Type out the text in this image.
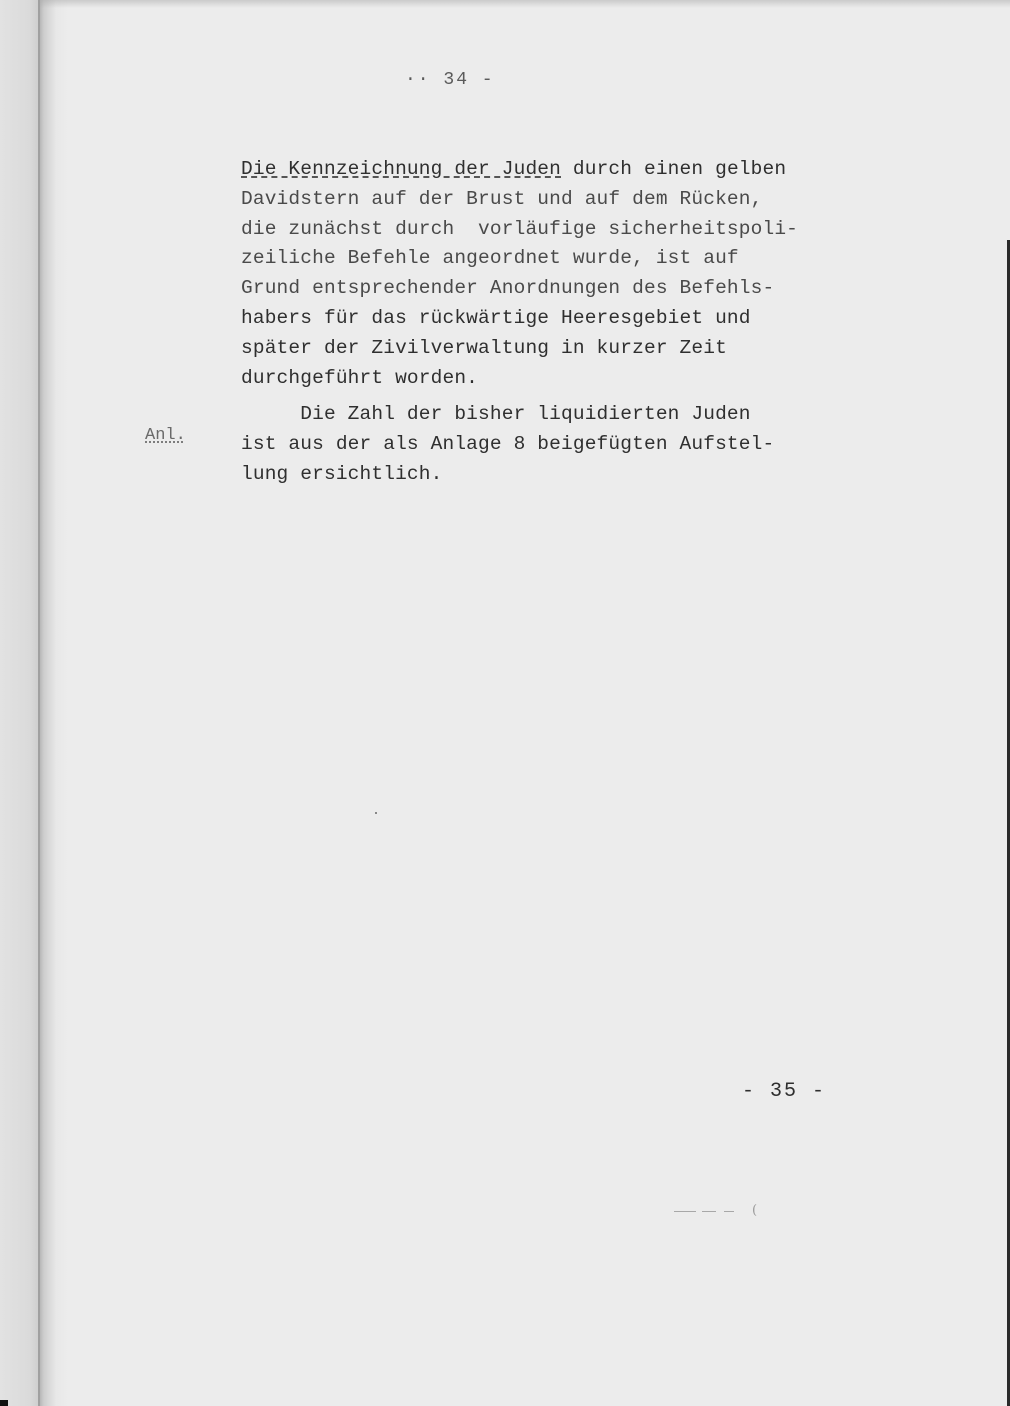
·· 34 -
Die Kennzeichnung der Juden durch einen gelben
Davidstern auf der Brust und auf dem Rücken,
die zunächst durch  vorläufige sicherheitspoli-
zeiliche Befehle angeordnet wurde, ist auf
Grund entsprechender Anordnungen des Befehls-
habers für das rückwärtige Heeresgebiet und
später der Zivilverwaltung in kurzer Zeit
durchgeführt worden.
Anl.
Die Zahl der bisher liquidierten Juden
ist aus der als Anlage 8 beigefügten Aufstel-
lung ersichtlich.
- 35 -
(
